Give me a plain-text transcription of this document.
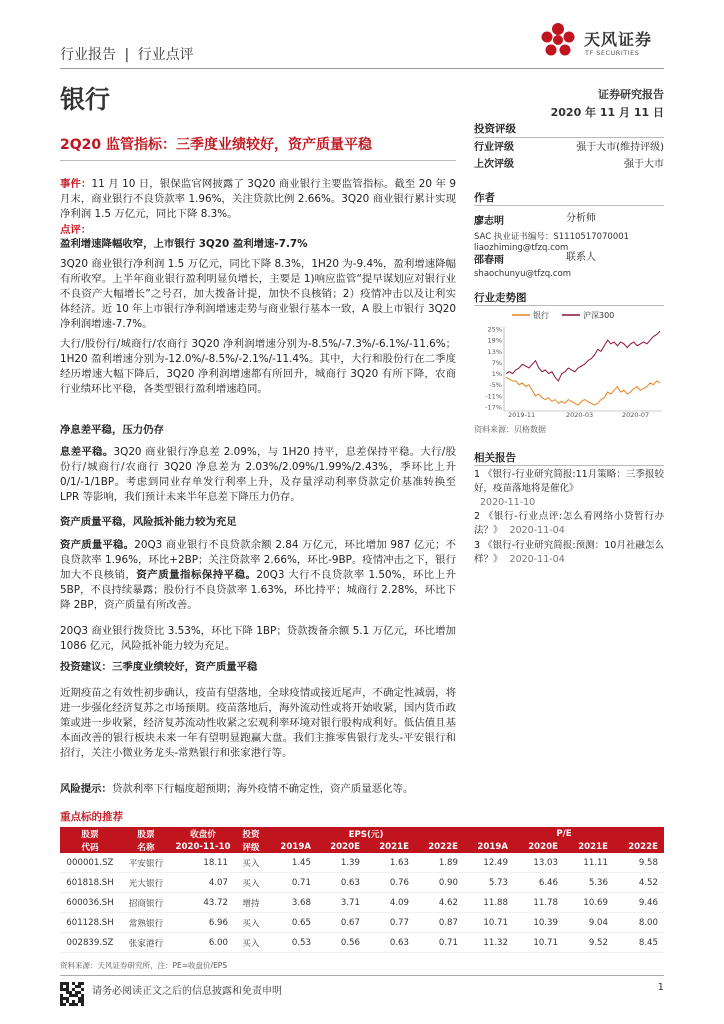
行业报告 | 行业点评
天风证券
TF SECURITIES
银行	证券研究报告
2020 年 11 月 11 日
2Q20 监管指标：三季度业绩较好，资产质量平稳
投资评级
行业评级	强于大市(维持评级)
上次评级	强于大市
作者
廖志明	分析师
SAC 执业证书编号：S1110517070001
liaozhiming@tfzq.com
邵春雨	联系人
shaochunyu@tfzq.com
行业走势图
银行	沪深300
25%
19%
13%
7%
1%
-5%
-11%
-17%
2019-11	2020-03	2020-07
资料来源：贝格数据
相关报告
1 《银行-行业研究简报:11月策略：三季报较好，疫苗落地将是催化》
2020-11-10
2 《银行-行业点评:怎么看网络小贷暂行办法？》 2020-11-04
3 《银行-行业研究简报:预测：10月社融怎么样？》 2020-11-04
事件：11 月 10 日，银保监官网披露了 3Q20 商业银行主要监管指标。截至 20 年 9 月末，商业银行不良贷款率 1.96%，关注贷款比例 2.66%。3Q20 商业银行累计实现净利润 1.5 万亿元，同比下降 8.3%。
点评：
盈利增速降幅收窄，上市银行 3Q20 盈利增速-7.7%
3Q20 商业银行净利润 1.5 万亿元，同比下降 8.3%，1H20 为-9.4%，盈利增速降幅有所收窄。上半年商业银行盈利明显负增长，主要是 1)响应监管“提早谋划应对银行业不良资产大幅增长”之号召，加大拨备计提，加快不良核销；2）疫情冲击以及让利实体经济。近 10 年上市银行净利润增速走势与商业银行基本一致，A 股上市银行 3Q20 净利润增速-7.7%。
大行/股份行/城商行/农商行 3Q20 净利润增速分别为-8.5%/-7.3%/-6.1%/-11.6%；1H20 盈利增速分别为-12.0%/-8.5%/-2.1%/-11.4%。其中，大行和股份行在二季度经历增速大幅下降后，3Q20 净利润增速都有所回升，城商行 3Q20 有所下降，农商行业绩环比平稳，各类型银行盈利增速趋同。
净息差平稳，压力仍存
息差平稳。3Q20 商业银行净息差 2.09%，与 1H20 持平，息差保持平稳。大行/股份行/城商行/农商行 3Q20 净息差为 2.03%/2.09%/1.99%/2.43%，季环比上升 0/1/-1/1BP。考虑到同业存单发行利率上升，及存量浮动利率贷款定价基准转换至 LPR 等影响，我们预计未来半年息差下降压力仍存。
资产质量平稳，风险抵补能力较为充足
资产质量平稳。20Q3 商业银行不良贷款余额 2.84 万亿元，环比增加 987 亿元；不良贷款率 1.96%，环比+2BP；关注贷款率 2.66%，环比-9BP。疫情冲击之下，银行加大不良核销，资产质量指标保持平稳。20Q3 大行不良贷款率 1.50%，环比上升 5BP，不良持续暴露；股份行不良贷款率 1.63%，环比持平；城商行 2.28%，环比下降 2BP，资产质量有所改善。
20Q3 商业银行拨贷比 3.53%，环比下降 1BP；贷款拨备余额 5.1 万亿元，环比增加 1086 亿元，风险抵补能力较为充足。
投资建议：三季度业绩较好，资产质量平稳
近期疫苗之有效性初步确认，疫苗有望落地，全球疫情或接近尾声，不确定性减弱，将进一步强化经济复苏之市场预期。疫苗落地后，海外流动性或将开始收紧，国内货币政策或进一步收紧，经济复苏流动性收紧之宏观利率环境对银行股构成利好。低估值且基本面改善的银行板块未来一年有望明显跑赢大盘。我们主推零售银行龙头-平安银行和招行，关注小微业务龙头-常熟银行和张家港行等。
风险提示：贷款利率下行幅度超预期；海外疫情不确定性，资产质量恶化等。
重点标的推荐
股票	股票	收盘价	投资	EPS(元)				P/E			
代码	名称	2020-11-10	评级	2019A	2020E	2021E	2022E	2019A	2020E	2021E	2022E
000001.SZ	平安银行	18.11	买入	1.45	1.39	1.63	1.89	12.49	13.03	11.11	9.58
601818.SH	光大银行	4.07	买入	0.71	0.63	0.76	0.90	5.73	6.46	5.36	4.52
600036.SH	招商银行	43.72	增持	3.68	3.71	4.09	4.62	11.88	11.78	10.69	9.46
601128.SH	常熟银行	6.96	买入	0.65	0.67	0.77	0.87	10.71	10.39	9.04	8.00
002839.SZ	张家港行	6.00	买入	0.53	0.56	0.63	0.71	11.32	10.71	9.52	8.45
资料来源：天风证券研究所，注：PE=收盘价/EPS
请务必阅读正文之后的信息披露和免责申明	1
